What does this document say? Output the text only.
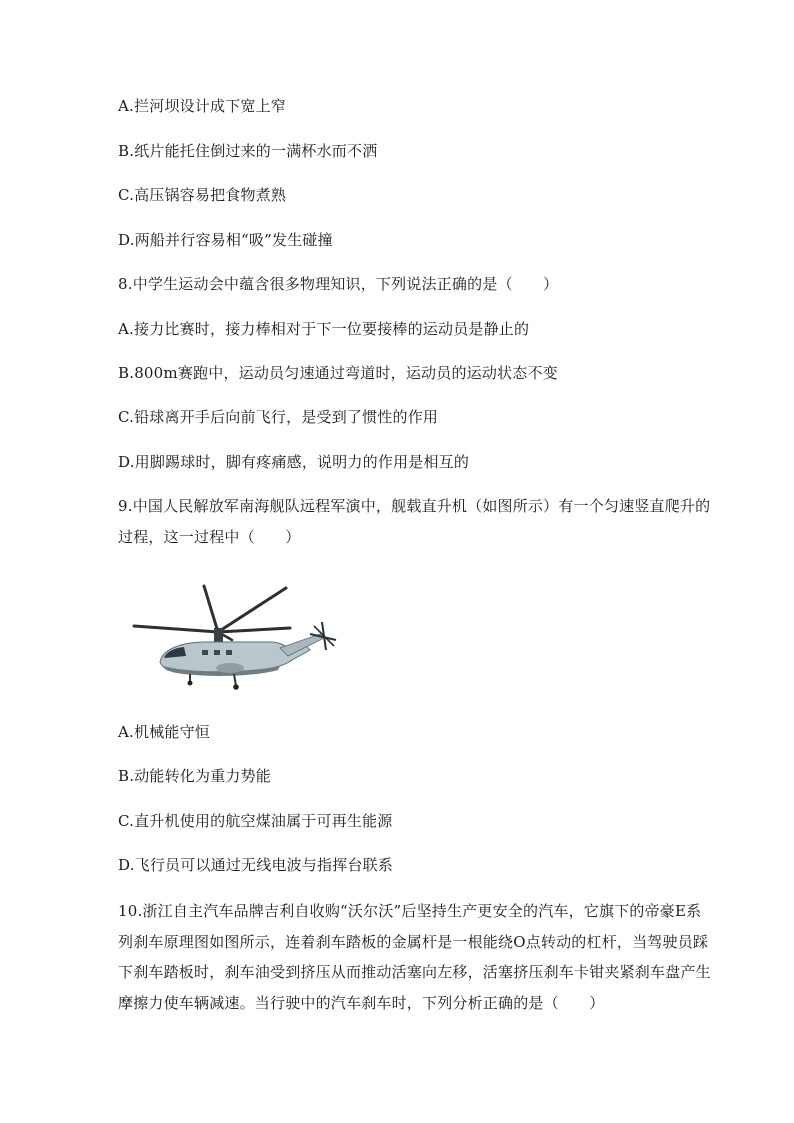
A.拦河坝设计成下宽上窄
B.纸片能托住倒过来的一满杯水而不洒
C.高压锅容易把食物煮熟
D.两船并行容易相“吸”发生碰撞
8.中学生运动会中蕴含很多物理知识，下列说法正确的是（　　）
A.接力比赛时，接力棒相对于下一位要接棒的运动员是静止的
B.800m赛跑中，运动员匀速通过弯道时，运动员的运动状态不变
C.铅球离开手后向前飞行，是受到了惯性的作用
D.用脚踢球时，脚有疼痛感，说明力的作用是相互的
9.中国人民解放军南海舰队远程军演中，舰载直升机（如图所示）有一个匀速竖直爬升的
过程，这一过程中（　　）
A.机械能守恒
B.动能转化为重力势能
C.直升机使用的航空煤油属于可再生能源
D.飞行员可以通过无线电波与指挥台联系
10.浙江自主汽车品牌吉利自收购“沃尔沃”后坚持生产更安全的汽车，它旗下的帝豪E系
列刹车原理图如图所示，连着刹车踏板的金属杆是一根能绕O点转动的杠杆，当驾驶员踩
下刹车踏板时，刹车油受到挤压从而推动活塞向左移，活塞挤压刹车卡钳夹紧刹车盘产生
摩擦力使车辆减速。当行驶中的汽车刹车时，下列分析正确的是（　　）
